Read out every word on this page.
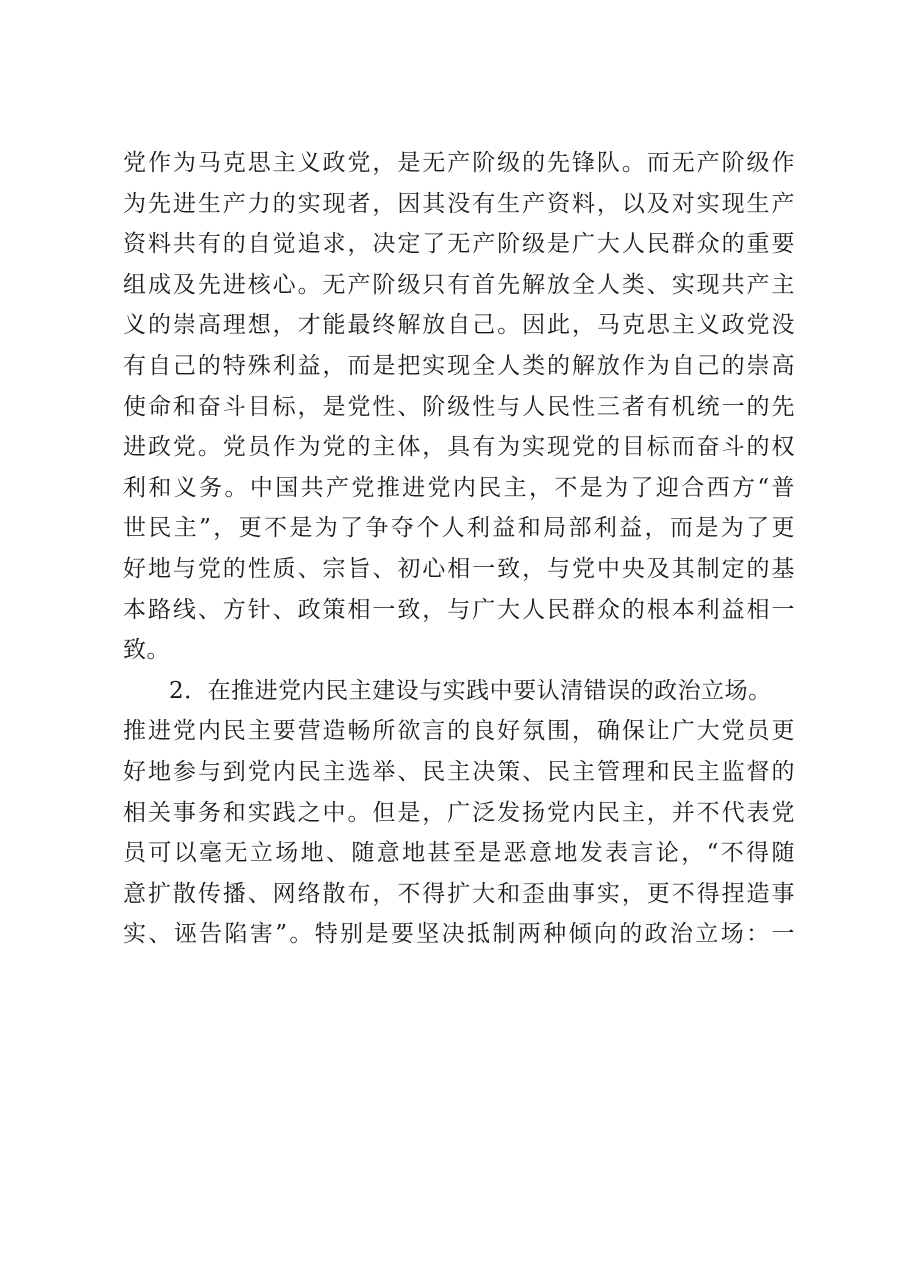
党作为马克思主义政党，是无产阶级的先锋队。而无产阶级作
为先进生产力的实现者，因其没有生产资料，以及对实现生产
资料共有的自觉追求，决定了无产阶级是广大人民群众的重要
组成及先进核心。无产阶级只有首先解放全人类、实现共产主
义的崇高理想，才能最终解放自己。因此，马克思主义政党没
有自己的特殊利益，而是把实现全人类的解放作为自己的崇高
使命和奋斗目标，是党性、阶级性与人民性三者有机统一的先
进政党。党员作为党的主体，具有为实现党的目标而奋斗的权
利和义务。中国共产党推进党内民主，不是为了迎合西方“普
世民主”，更不是为了争夺个人利益和局部利益，而是为了更
好地与党的性质、宗旨、初心相一致，与党中央及其制定的基
本路线、方针、政策相一致，与广大人民群众的根本利益相一
致。
2．在推进党内民主建设与实践中要认清错误的政治立场。
推进党内民主要营造畅所欲言的良好氛围，确保让广大党员更
好地参与到党内民主选举、民主决策、民主管理和民主监督的
相关事务和实践之中。但是，广泛发扬党内民主，并不代表党
员可以毫无立场地、随意地甚至是恶意地发表言论，“不得随
意扩散传播、网络散布，不得扩大和歪曲事实，更不得捏造事
实、诬告陷害”。特别是要坚决抵制两种倾向的政治立场：一
